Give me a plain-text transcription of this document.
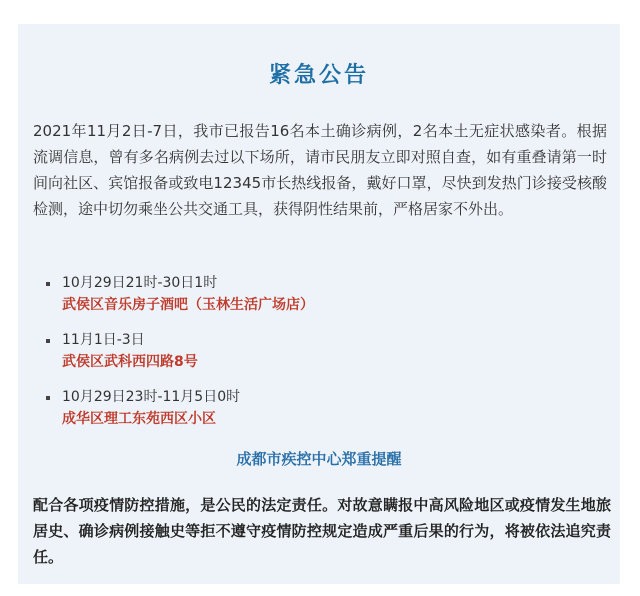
紧急公告

2021年11月2日-7日，我市已报告16名本土确诊病例，2名本土无症状感染者。根据流调信息，曾有多名病例去过以下场所，请市民朋友立即对照自查，如有重叠请第一时间向社区、宾馆报备或致电12345市长热线报备，戴好口罩，尽快到发热门诊接受核酸检测，途中切勿乘坐公共交通工具，获得阴性结果前，严格居家不外出。

10月29日21时-30日1时
武侯区音乐房子酒吧（玉林生活广场店）
11月1日-3日
武侯区武科西四路8号
10月29日23时-11月5日0时
成华区理工东苑西区小区
成都市疾控中心郑重提醒

配合各项疫情防控措施，是公民的法定责任。对故意瞒报中高风险地区或疫情发生地旅居史、确诊病例接触史等拒不遵守疫情防控规定造成严重后果的行为，将被依法追究责任。
